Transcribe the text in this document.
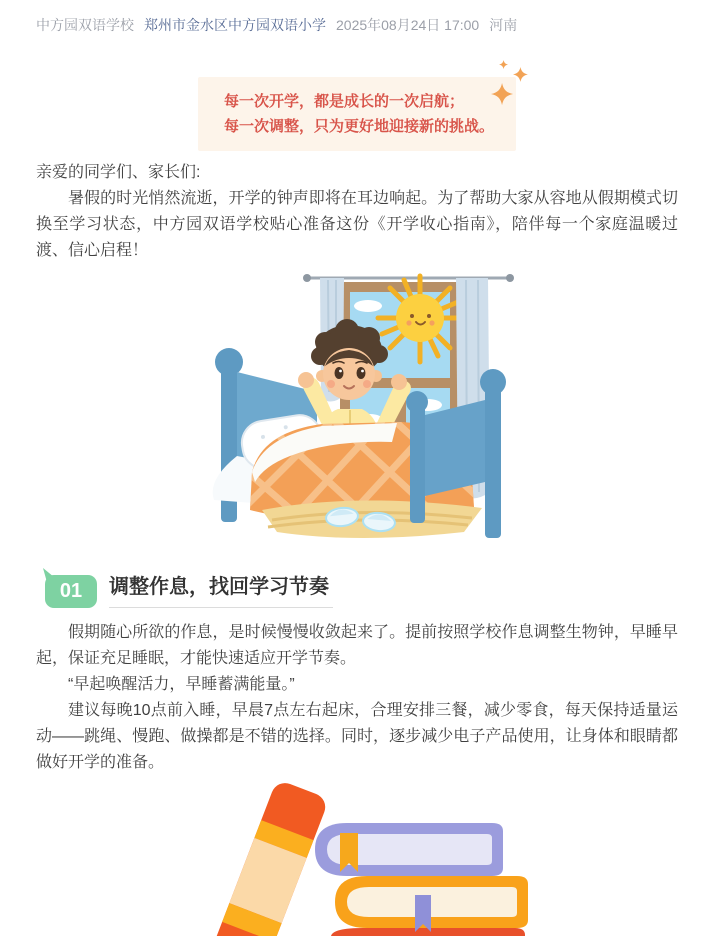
中方园双语学校 郑州市金水区中方园双语小学 2025年08月24日 17:00 河南
每一次开学，都是成长的一次启航；
每一次调整，只为更好地迎接新的挑战。
亲爱的同学们、家长们:

暑假的时光悄然流逝，开学的钟声即将在耳边响起。为了帮助大家从容地从假期模式切换至学习状态，中方园双语学校贴心准备这份《开学收心指南》，陪伴每一个家庭温暖过渡、信心启程！

01	调整作息，找回学习节奏

假期随心所欲的作息，是时候慢慢收敛起来了。提前按照学校作息调整生物钟，早睡早起，保证充足睡眠，才能快速适应开学节奏。

“早起唤醒活力，早睡蓄满能量。”

建议每晚10点前入睡，早晨7点左右起床，合理安排三餐，减少零食，每天保持适量运动——跳绳、慢跑、做操都是不错的选择。同时，逐步减少电子产品使用，让身体和眼睛都做好开学的准备。
